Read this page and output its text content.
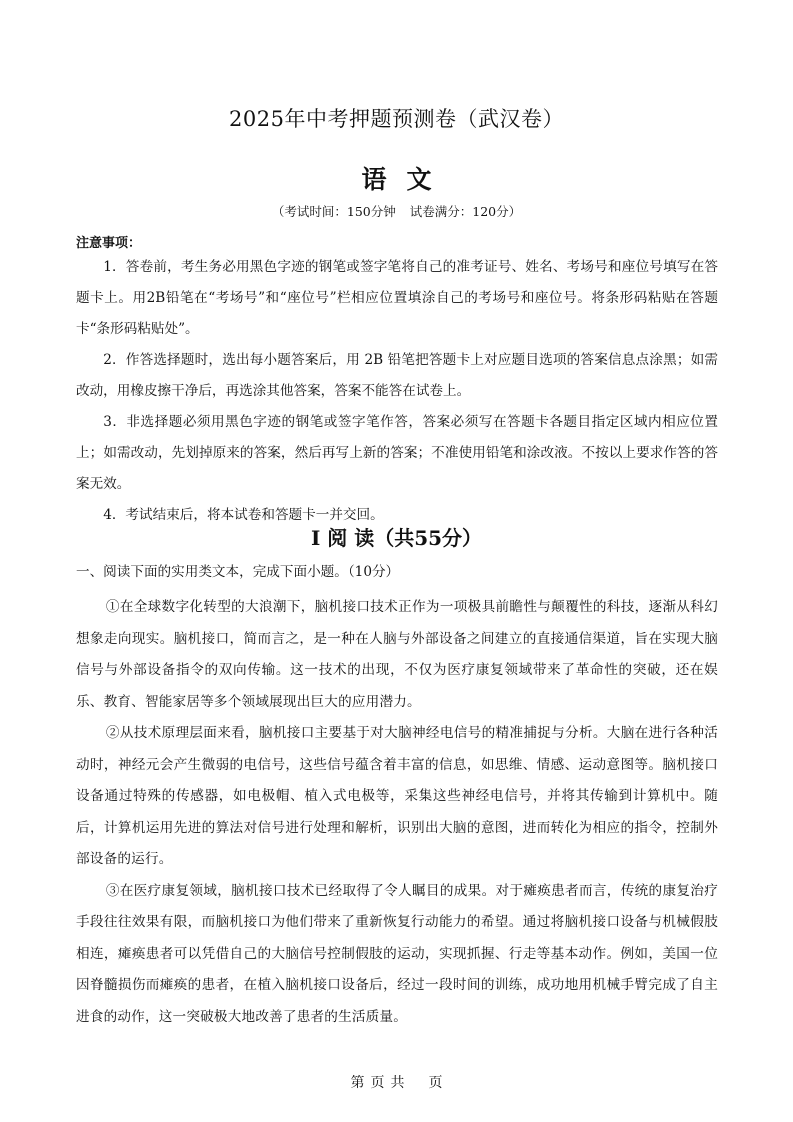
2025年中考押题预测卷（武汉卷）
语文
（考试时间：150分钟 试卷满分：120分）
注意事项：

1．答卷前，考生务必用黑色字迹的钢笔或签字笔将自己的准考证号、姓名、考场号和座位号填写在答题卡上。用2B铅笔在“考场号”和“座位号”栏相应位置填涂自己的考场号和座位号。将条形码粘贴在答题卡“条形码粘贴处”。

2．作答选择题时，选出每小题答案后，用 2B 铅笔把答题卡上对应题目选项的答案信息点涂黑；如需改动，用橡皮擦干净后，再选涂其他答案，答案不能答在试卷上。

3．非选择题必须用黑色字迹的钢笔或签字笔作答，答案必须写在答题卡各题目指定区域内相应位置上；如需改动，先划掉原来的答案，然后再写上新的答案；不准使用铅笔和涂改液。不按以上要求作答的答案无效。

4．考试结束后，将本试卷和答题卡一并交回。

Ⅰ 阅 读（共55分）
一、阅读下面的实用类文本，完成下面小题。（10分）

①在全球数字化转型的大浪潮下，脑机接口技术正作为一项极具前瞻性与颠覆性的科技，逐渐从科幻想象走向现实。脑机接口，简而言之，是一种在人脑与外部设备之间建立的直接通信渠道，旨在实现大脑信号与外部设备指令的双向传输。这一技术的出现，不仅为医疗康复领域带来了革命性的突破，还在娱乐、教育、智能家居等多个领域展现出巨大的应用潜力。

②从技术原理层面来看，脑机接口主要基于对大脑神经电信号的精准捕捉与分析。大脑在进行各种活动时，神经元会产生微弱的电信号，这些信号蕴含着丰富的信息，如思维、情感、运动意图等。脑机接口设备通过特殊的传感器，如电极帽、植入式电极等，采集这些神经电信号，并将其传输到计算机中。随后，计算机运用先进的算法对信号进行处理和解析，识别出大脑的意图，进而转化为相应的指令，控制外部设备的运行。

③在医疗康复领域，脑机接口技术已经取得了令人瞩目的成果。对于瘫痪患者而言，传统的康复治疗手段往往效果有限，而脑机接口为他们带来了重新恢复行动能力的希望。通过将脑机接口设备与机械假肢相连，瘫痪患者可以凭借自己的大脑信号控制假肢的运动，实现抓握、行走等基本动作。例如，美国一位因脊髓损伤而瘫痪的患者，在植入脑机接口设备后，经过一段时间的训练，成功地用机械手臂完成了自主进食的动作，这一突破极大地改善了患者的生活质量。

第 页 共 页
